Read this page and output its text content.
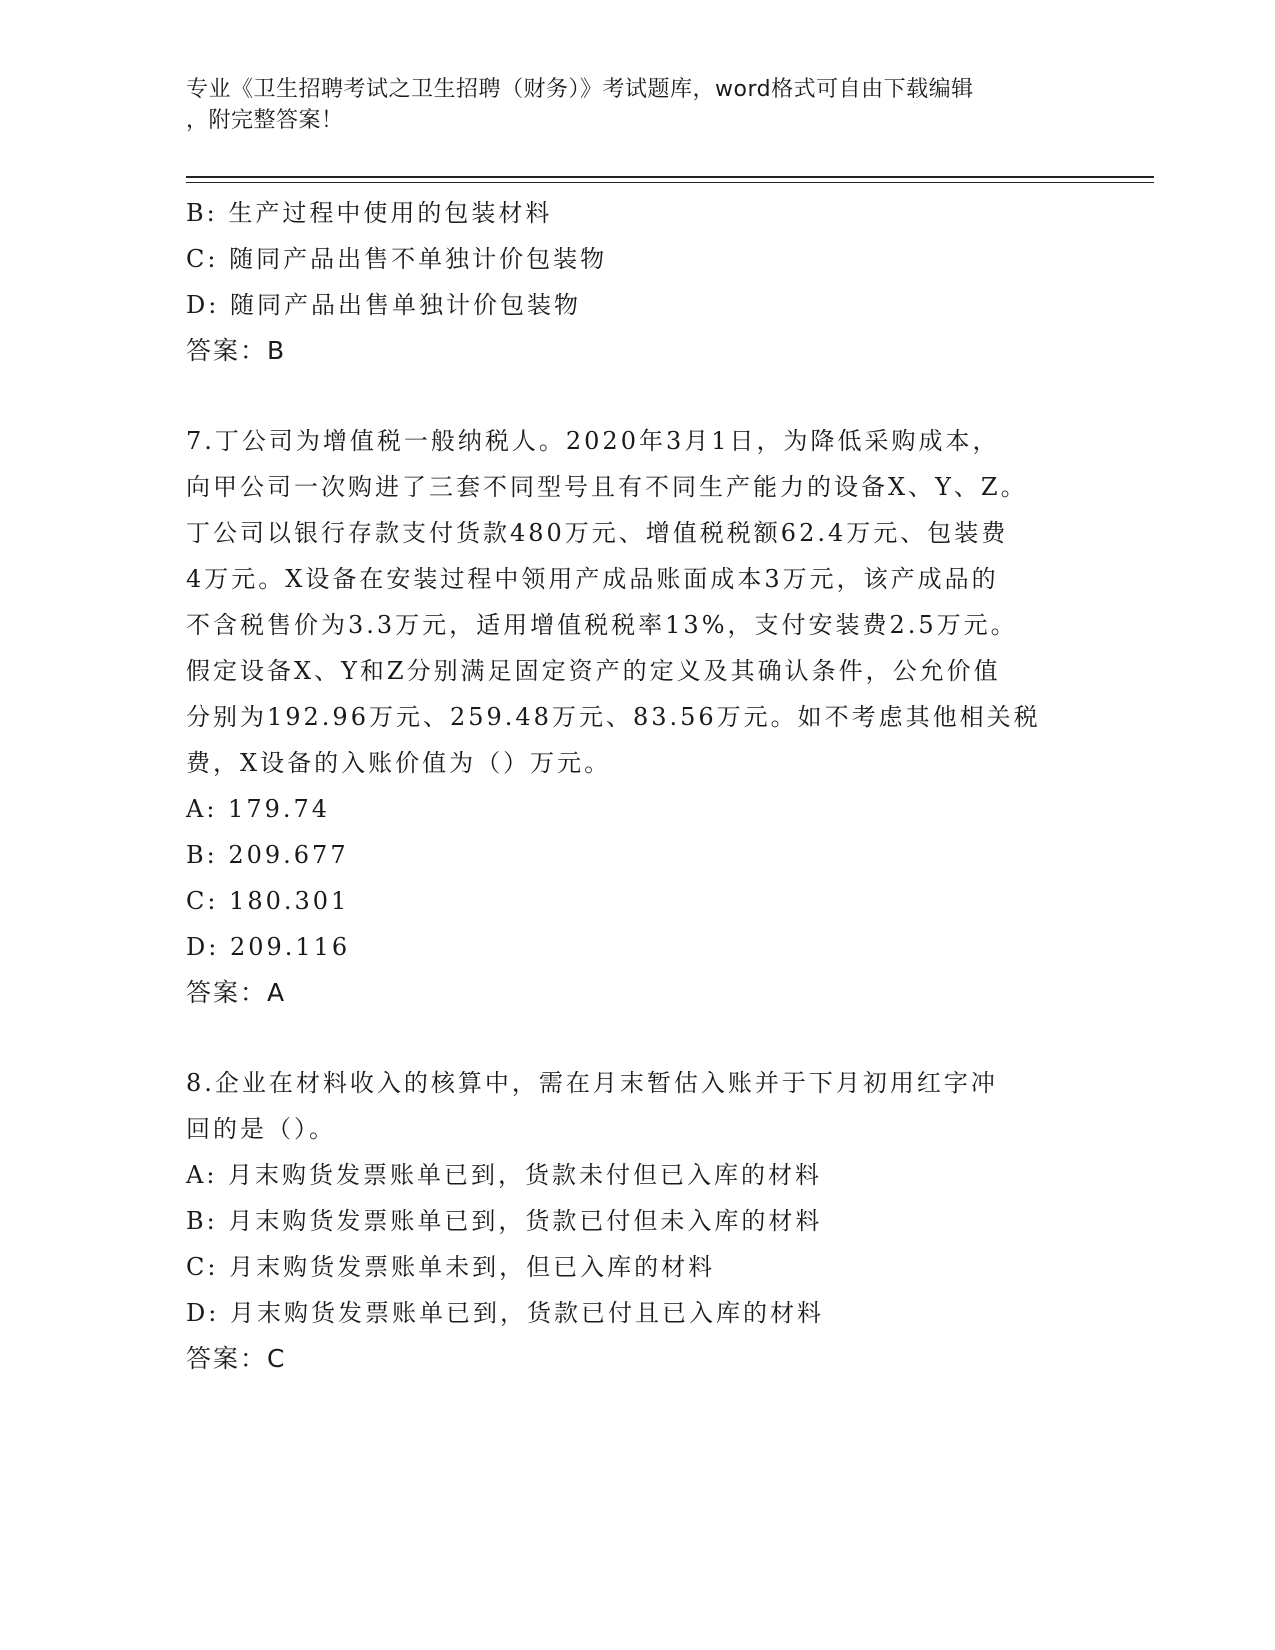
专业《卫生招聘考试之卫生招聘（财务）》考试题库，word格式可自由下载编辑
，附完整答案！
B: 生产过程中使用的包装材料
C: 随同产品出售不单独计价包装物
D: 随同产品出售单独计价包装物
答案：B
7.丁公司为增值税一般纳税人。2020年3月1日，为降低采购成本，
向甲公司一次购进了三套不同型号且有不同生产能力的设备X、Y、Z。
丁公司以银行存款支付货款480万元、增值税税额62.4万元、包装费
4万元。X设备在安装过程中领用产成品账面成本3万元，该产成品的
不含税售价为3.3万元，适用增值税税率13%，支付安装费2.5万元。
假定设备X、Y和Z分别满足固定资产的定义及其确认条件，公允价值
分别为192.96万元、259.48万元、83.56万元。如不考虑其他相关税
费，X设备的入账价值为（）万元。
A: 179.74
B: 209.677
C: 180.301
D: 209.116
答案：A
8.企业在材料收入的核算中，需在月末暂估入账并于下月初用红字冲
回的是（）。
A: 月末购货发票账单已到，货款未付但已入库的材料
B: 月末购货发票账单已到，货款已付但未入库的材料
C: 月末购货发票账单未到，但已入库的材料
D: 月末购货发票账单已到，货款已付且已入库的材料
答案：C
